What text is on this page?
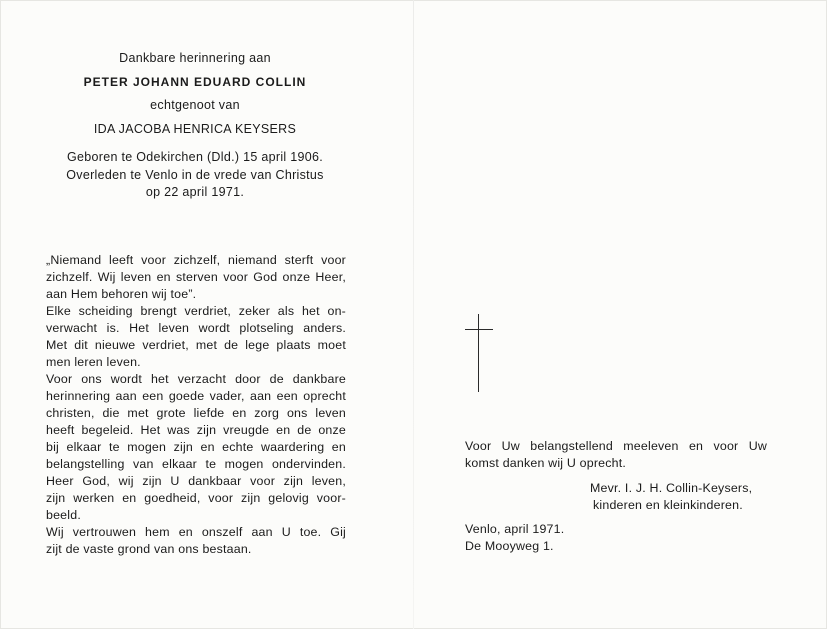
Dankbare herinnering aan
PETER JOHANN EDUARD COLLIN
echtgenoot van
IDA JACOBA HENRICA KEYSERS
Geboren te Odekirchen (Dld.) 15 april 1906.
Overleden te Venlo in de vrede van Christus
op 22 april 1971.
„Niemand leeft voor zichzelf, niemand sterft voor
zichzelf. Wij leven en sterven voor God onze Heer,
aan Hem behoren wij toe”.
Elke scheiding brengt verdriet, zeker als het on-
verwacht is. Het leven wordt plotseling anders.
Met dit nieuwe verdriet, met de lege plaats moet
men leren leven.
Voor ons wordt het verzacht door de dankbare
herinnering aan een goede vader, aan een oprecht
christen, die met grote liefde en zorg ons leven
heeft begeleid. Het was zijn vreugde en de onze
bij elkaar te mogen zijn en echte waardering en
belangstelling van elkaar te mogen ondervinden.
Heer God, wij zijn U dankbaar voor zijn leven,
zijn werken en goedheid, voor zijn gelovig voor-
beeld.
Wij vertrouwen hem en onszelf aan U toe. Gij
zijt de vaste grond van ons bestaan.
Voor Uw belangstellend meeleven en voor Uw
komst danken wij U oprecht.
Mevr. I. J. H. Collin-Keysers,
kinderen en kleinkinderen.
Venlo, april 1971.
De Mooyweg 1.
